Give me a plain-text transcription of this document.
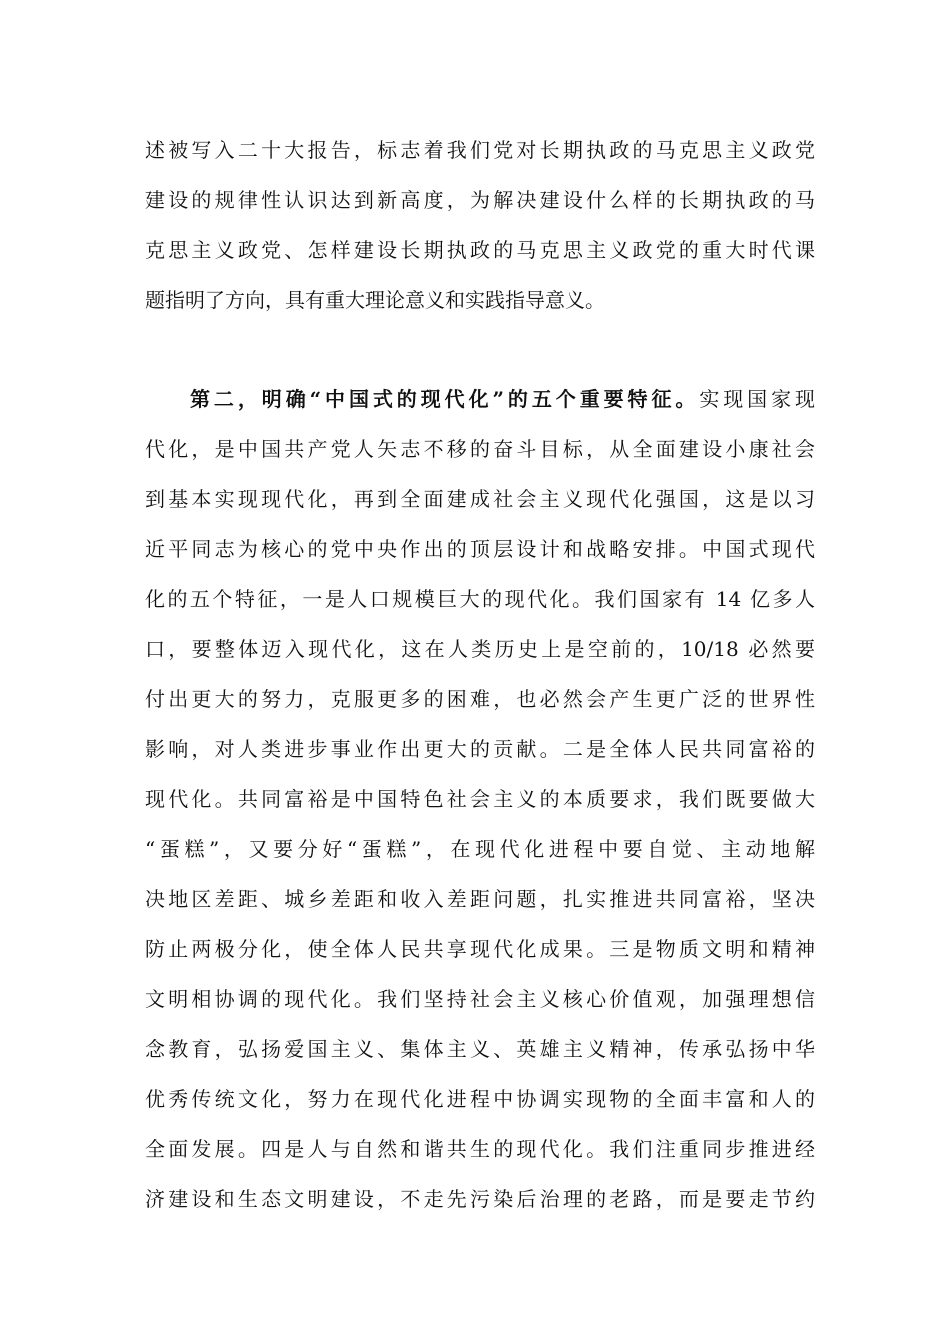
述被写入二十大报告，标志着我们党对长期执政的马克思主义政党
建设的规律性认识达到新高度，为解决建设什么样的长期执政的马
克思主义政党、怎样建设长期执政的马克思主义政党的重大时代课
题指明了方向，具有重大理论意义和实践指导意义。
第二，明确“中国式的现代化”的五个重要特征。实现国家现
代化，是中国共产党人矢志不移的奋斗目标，从全面建设小康社会
到基本实现现代化，再到全面建成社会主义现代化强国，这是以习
近平同志为核心的党中央作出的顶层设计和战略安排。中国式现代
化的五个特征，一是人口规模巨大的现代化。我们国家有 14 亿多人
口，要整体迈入现代化，这在人类历史上是空前的，10/18 必然要
付出更大的努力，克服更多的困难，也必然会产生更广泛的世界性
影响，对人类进步事业作出更大的贡献。二是全体人民共同富裕的
现代化。共同富裕是中国特色社会主义的本质要求，我们既要做大
“蛋糕”，又要分好“蛋糕”，在现代化进程中要自觉、主动地解
决地区差距、城乡差距和收入差距问题，扎实推进共同富裕，坚决
防止两极分化，使全体人民共享现代化成果。三是物质文明和精神
文明相协调的现代化。我们坚持社会主义核心价值观，加强理想信
念教育，弘扬爱国主义、集体主义、英雄主义精神，传承弘扬中华
优秀传统文化，努力在现代化进程中协调实现物的全面丰富和人的
全面发展。四是人与自然和谐共生的现代化。我们注重同步推进经
济建设和生态文明建设，不走先污染后治理的老路，而是要走节约
